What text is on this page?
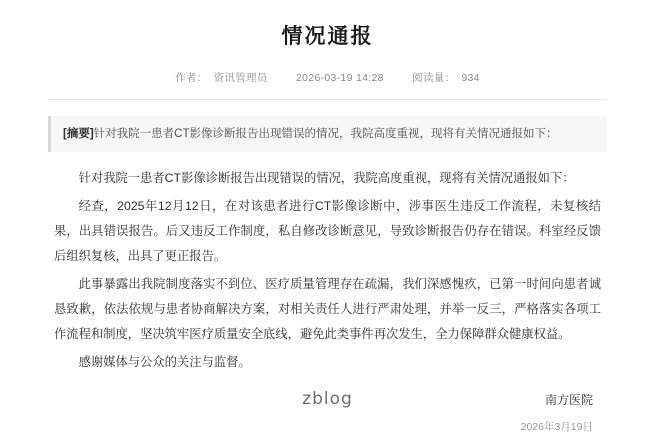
情况通报
作者： 资讯管理员	2026-03-19 14:28	阅读量： 934
[摘要]针对我院一患者CT影像诊断报告出现错误的情况，我院高度重视，现将有关情况通报如下：

针对我院一患者CT影像诊断报告出现错误的情况，我院高度重视，现将有关情况通报如下：

经查，2025年12月12日，在对该患者进行CT影像诊断中，涉事医生违反工作流程，未复核结果，出具错误报告。后又违反工作制度，私自修改诊断意见，导致诊断报告仍存在错误。科室经反馈后组织复核，出具了更正报告。

此事暴露出我院制度落实不到位、医疗质量管理存在疏漏，我们深感愧疚，已第一时间向患者诚恳致歉，依法依规与患者协商解决方案，对相关责任人进行严肃处理，并举一反三，严格落实各项工作流程和制度，坚决筑牢医疗质量安全底线，避免此类事件再次发生，全力保障群众健康权益。

感谢媒体与公众的关注与监督。

南方医院
2026年3月19日
zblog
